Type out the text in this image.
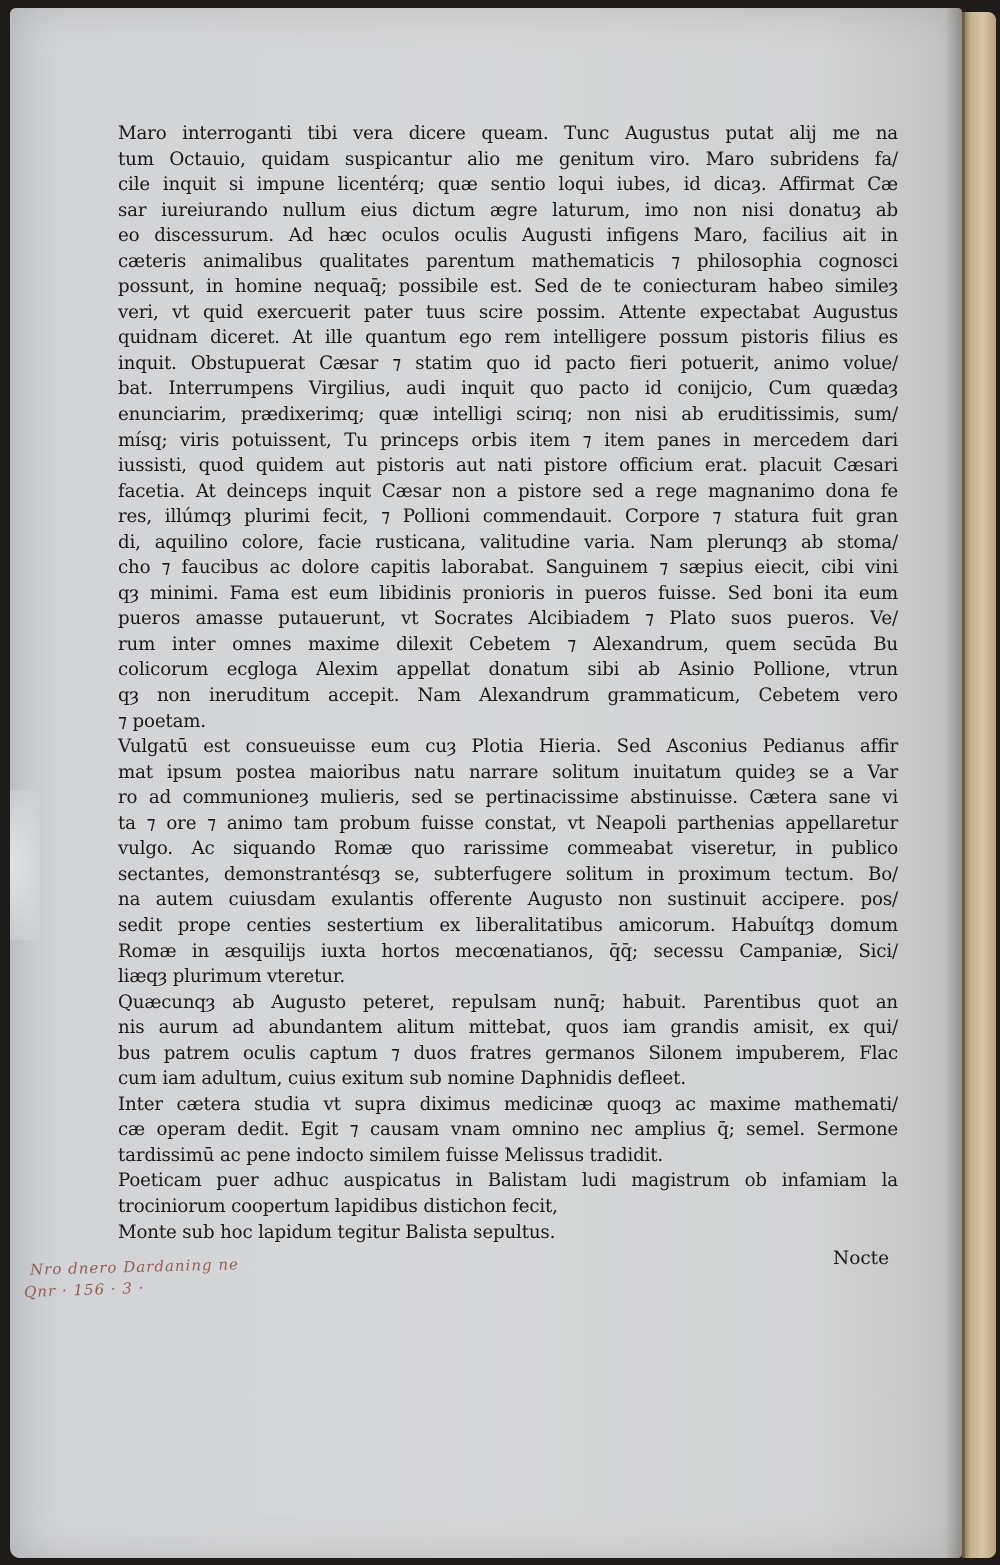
Maro interroganti tibi vera dicere queam. Tunc Augustus putat alij me na
tum Octauio, quidam suspicantur alio me genitum viro. Maro subridens fa/
cile inquit si impune licentérq; quæ sentio loqui iubes, id dicaȝ. Affirmat Cæ
sar iureiurando nullum eius dictum ægre laturum, imo non nisi donatuȝ ab
eo discessurum. Ad hæc oculos oculis Augusti infigens Maro, facilius ait in
cæteris animalibus qualitates parentum mathematicis ⁊ philosophia cognosci
possunt, in homine nequaq̄; possibile est. Sed de te coniecturam habeo simileȝ
veri, vt quid exercuerit pater tuus scire possim. Attente expectabat Augustus
quidnam diceret. At ille quantum ego rem intelligere possum pistoris filius es
inquit. Obstupuerat Cæsar ⁊ statim quo id pacto fieri potuerit, animo volue/
bat. Interrumpens Virgilius, audi inquit quo pacto id conijcio, Cum quædaȝ
enunciarim, prædixerimq; quæ intelligi scirıq; non nisi ab eruditissimis, sum/
mísq; viris potuissent, Tu princeps orbis item ⁊ item panes in mercedem dari
iussisti, quod quidem aut pistoris aut nati pistore officium erat. placuit Cæsari
facetia. At deinceps inquit Cæsar non a pistore sed a rege magnanimo dona fe
res, illúmqȝ plurimi fecit, ⁊ Pollioni commendauit. Corpore ⁊ statura fuit gran
di, aquilino colore, facie rusticana, valitudine varia. Nam plerunqȝ ab stoma/
cho ⁊ faucibus ac dolore capitis laborabat. Sanguinem ⁊ sæpius eiecit, cibi vini
qȝ minimi. Fama est eum libidinis pronioris in pueros fuisse. Sed boni ita eum
pueros amasse putauerunt, vt Socrates Alcibiadem ⁊ Plato suos pueros. Ve/
rum inter omnes maxime dilexit Cebetem ⁊ Alexandrum, quem secūda Bu
colicorum ecgloga Alexim appellat donatum sibi ab Asinio Pollione, vtrun
qȝ non ineruditum accepit. Nam Alexandrum grammaticum, Cebetem vero
⁊ poetam.
Vulgatū est consueuisse eum cuȝ Plotia Hieria. Sed Asconius Pedianus affir
mat ipsum postea maioribus natu narrare solitum inuitatum quideȝ se a Var
ro ad communioneȝ mulieris, sed se pertinacissime abstinuisse. Cætera sane vi
ta ⁊ ore ⁊ animo tam probum fuisse constat, vt Neapoli parthenias appellaretur
vulgo. Ac siquando Romæ quo rarissime commeabat viseretur, in publico
sectantes, demonstrantésqȝ se, subterfugere solitum in proximum tectum. Bo/
na autem cuiusdam exulantis offerente Augusto non sustinuit accipere. pos/
sedit prope centies sestertium ex liberalitatibus amicorum. Habuítqȝ domum
Romæ in æsquilijs iuxta hortos mecœnatianos, q̄q̄; secessu Campaniæ, Sici/
liæqȝ plurimum vteretur.
Quæcunqȝ ab Augusto peteret, repulsam nunq̄; habuit. Parentibus quot an
nis aurum ad abundantem alitum mittebat, quos iam grandis amisit, ex qui/
bus patrem oculis captum ⁊ duos fratres germanos Silonem impuberem, Flac
cum iam adultum, cuius exitum sub nomine Daphnidis defleet.
Inter cætera studia vt supra diximus medicinæ quoqȝ ac maxime mathemati/
cæ operam dedit. Egit ⁊ causam vnam omnino nec amplius q̄; semel. Sermone
tardissimū ac pene indocto similem fuisse Melissus tradidit.
Poeticam puer adhuc auspicatus in Balistam ludi magistrum ob infamiam la
trociniorum coopertum lapidibus distichon fecit,
Monte sub hoc lapidum tegitur Balista sepultus.
Nocte
Nro dnero Dardaning ne
Qnr · 156 · 3 ·
